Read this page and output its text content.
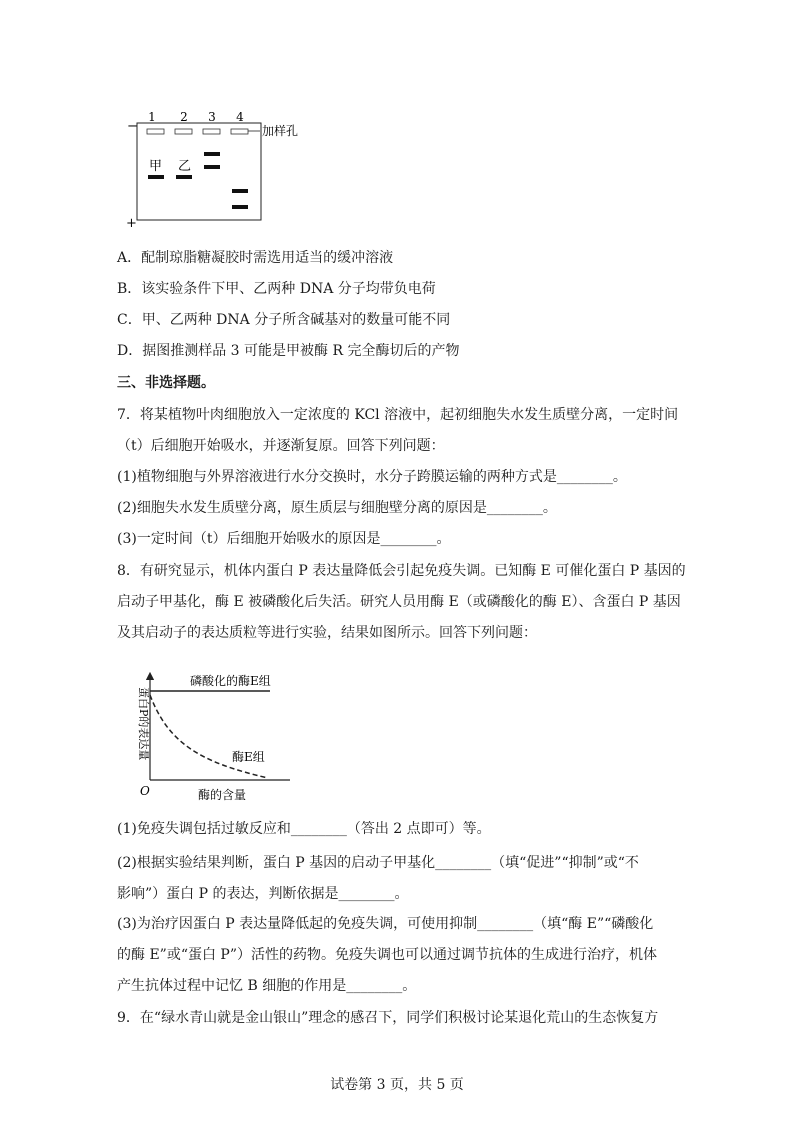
1 2 3 4
−
+
加样孔
甲 乙
A．配制琼脂糖凝胶时需选用适当的缓冲溶液
B．该实验条件下甲、乙两种 DNA 分子均带负电荷
C．甲、乙两种 DNA 分子所含碱基对的数量可能不同
D．据图推测样品 3 可能是甲被酶 R 完全酶切后的产物
三、非选择题。
7．将某植物叶肉细胞放入一定浓度的 KCl 溶液中，起初细胞失水发生质壁分离，一定时间
（t）后细胞开始吸水，并逐渐复原。回答下列问题：
(1)植物细胞与外界溶液进行水分交换时，水分子跨膜运输的两种方式是________。
(2)细胞失水发生质壁分离，原生质层与细胞壁分离的原因是________。
(3)一定时间（t）后细胞开始吸水的原因是________。
8．有研究显示，机体内蛋白 P 表达量降低会引起免疫失调。已知酶 E 可催化蛋白 P 基因的
启动子甲基化，酶 E 被磷酸化后失活。研究人员用酶 E（或磷酸化的酶 E）、含蛋白 P 基因
及其启动子的表达质粒等进行实验，结果如图所示。回答下列问题：
O
蛋白P的表达量
酶的含量
磷酸化的酶E组
酶E组
(1)免疫失调包括过敏反应和________（答出 2 点即可）等。
(2)根据实验结果判断，蛋白 P 基因的启动子甲基化________（填“促进”“抑制”或“不
影响”）蛋白 P 的表达，判断依据是________。
(3)为治疗因蛋白 P 表达量降低起的免疫失调，可使用抑制________（填“酶 E”“磷酸化
的酶 E”或“蛋白 P”）活性的药物。免疫失调也可以通过调节抗体的生成进行治疗，机体
产生抗体过程中记忆 B 细胞的作用是________。
9．在“绿水青山就是金山银山”理念的感召下，同学们积极讨论某退化荒山的生态恢复方
试卷第 3 页，共 5 页
